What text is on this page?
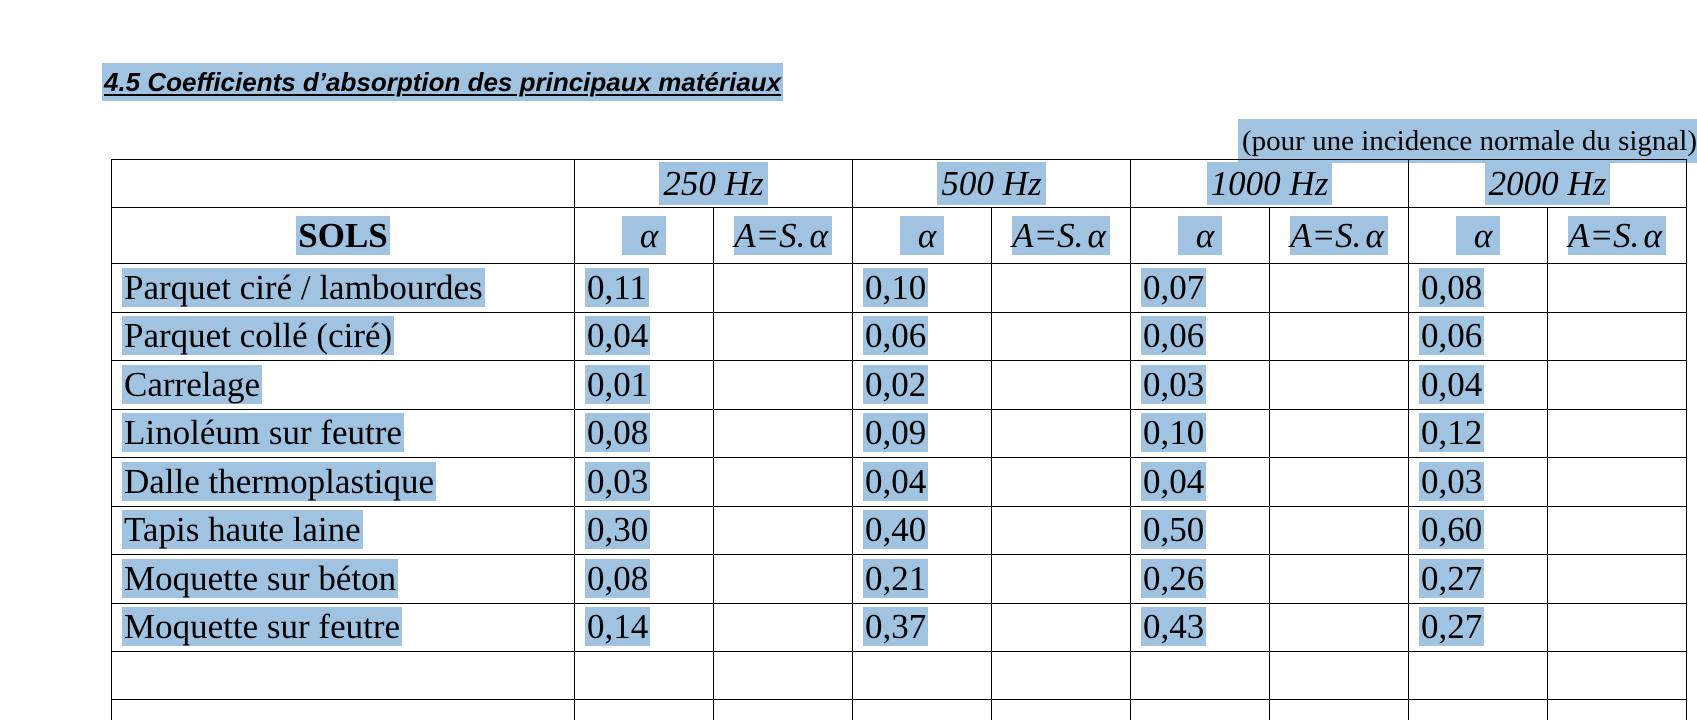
4.5 Coefficients d’absorption des principaux matériaux
(pour une incidence normale du signal)
	250 Hz		500 Hz		1000 Hz		2000 Hz	
SOLS	α	A=S. α	α	A=S. α	α	A=S. α	α	A=S. α
Parquet ciré / lambourdes	0,11		0,10		0,07		0,08	
Parquet collé (ciré)	0,04		0,06		0,06		0,06	
Carrelage	0,01		0,02		0,03		0,04	
Linoléum sur feutre	0,08		0,09		0,10		0,12	
Dalle thermoplastique	0,03		0,04		0,04		0,03	
Tapis haute laine	0,30		0,40		0,50		0,60	
Moquette sur béton	0,08		0,21		0,26		0,27	
Moquette sur feutre	0,14		0,37		0,43		0,27	
